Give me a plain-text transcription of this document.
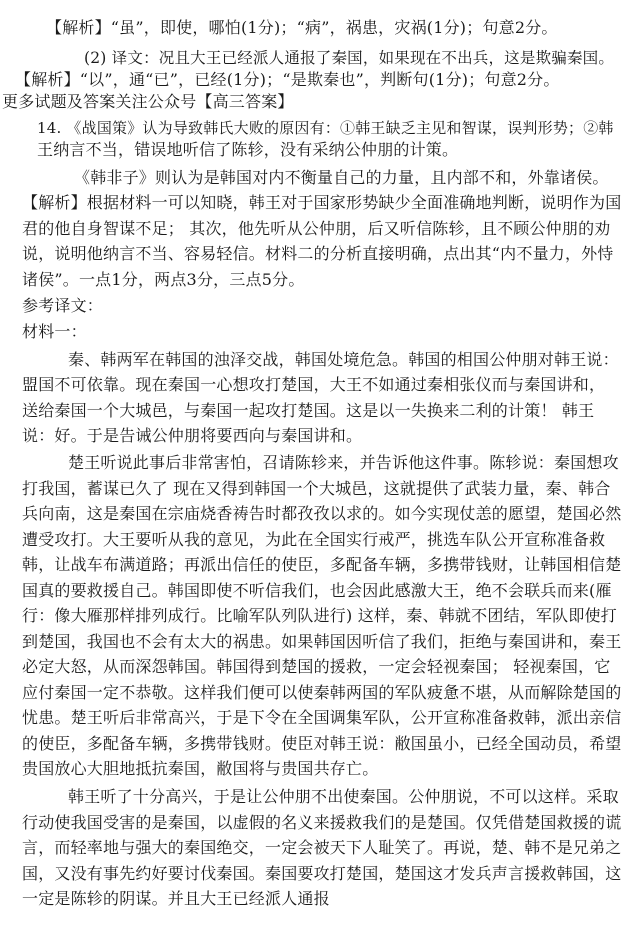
【解析】“虽”，即使，哪怕(1分)；“病”，祸患，灾祸(1分)；句意2分。
(2) 译文：况且大王已经派人通报了秦国，如果现在不出兵，这是欺骗秦国。
【解析】“以”，通“已”，已经(1分)；“是欺秦也”，判断句(1分)；句意2分。
更多试题及答案关注公众号【高三答案】
14. 《战国策》认为导致韩氏大败的原因有：①韩王缺乏主见和智谋，误判形势；②韩
王纳言不当，错误地听信了陈轸，没有采纳公仲朋的计策。
《韩非子》则认为是韩国对内不衡量自己的力量，且内部不和，外靠诸侯。
【解析】根据材料一可以知晓，韩王对于国家形势缺少全面准确地判断，说明作为国
君的他自身智谋不足； 其次，他先听从公仲朋，后又听信陈轸，且不顾公仲朋的劝
说，说明他纳言不当、容易轻信。材料二的分析直接明确，点出其“内不量力，外恃
诸侯”。一点1分，两点3分，三点5分。
参考译文：
材料一：
秦、韩两军在韩国的浊泽交战，韩国处境危急。韩国的相国公仲朋对韩王说：
盟国不可依靠。现在秦国一心想攻打楚国，大王不如通过秦相张仪而与秦国讲和，
送给秦国一个大城邑，与秦国一起攻打楚国。这是以一失换来二利的计策！ 韩王
说：好。于是告诫公仲朋将要西向与秦国讲和。
楚王听说此事后非常害怕，召请陈轸来，并告诉他这件事。陈轸说：秦国想攻
打我国，蓄谋已久了 现在又得到韩国一个大城邑，这就提供了武装力量，秦、韩合
兵向南，这是秦国在宗庙烧香祷告时都孜孜以求的。如今实现仗恙的愿望，楚国必然
遭受攻打。大王要听从我的意见，为此在全国实行戒严，挑选车队公开宣称准备救
韩，让战车布满道路；再派出信任的使臣，多配备车辆，多携带钱财，让韩国相信楚
国真的要救援自己。韩国即使不听信我们，也会因此感激大王，绝不会联兵而来(雁
行：像大雁那样排列成行。比喻军队列队进行) 这样，秦、韩就不团结，军队即使打
到楚国，我国也不会有太大的祸患。如果韩国因听信了我们，拒绝与秦国讲和，秦王
必定大怒，从而深怨韩国。韩国得到楚国的援救，一定会轻视秦国； 轻视秦国，它
应付秦国一定不恭敬。这样我们便可以使秦韩两国的军队疲惫不堪，从而解除楚国的
忧患。楚王听后非常高兴，于是下令在全国调集军队，公开宣称准备救韩，派出亲信
的使臣，多配备车辆，多携带钱财。使臣对韩王说：敝国虽小，已经全国动员，希望
贵国放心大胆地抵抗秦国，敝国将与贵国共存亡。
韩王听了十分高兴，于是让公仲朋不出使秦国。公仲朋说，不可以这样。采取
行动使我国受害的是秦国，以虚假的名义来援救我们的是楚国。仅凭借楚国救援的谎
言，而轻率地与强大的秦国绝交，一定会被天下人耻笑了。再说，楚、韩不是兄弟之
国，又没有事先约好要讨伐秦国。秦国要攻打楚国，楚国这才发兵声言援救韩国，这
一定是陈轸的阴谋。并且大王已经派人通报
